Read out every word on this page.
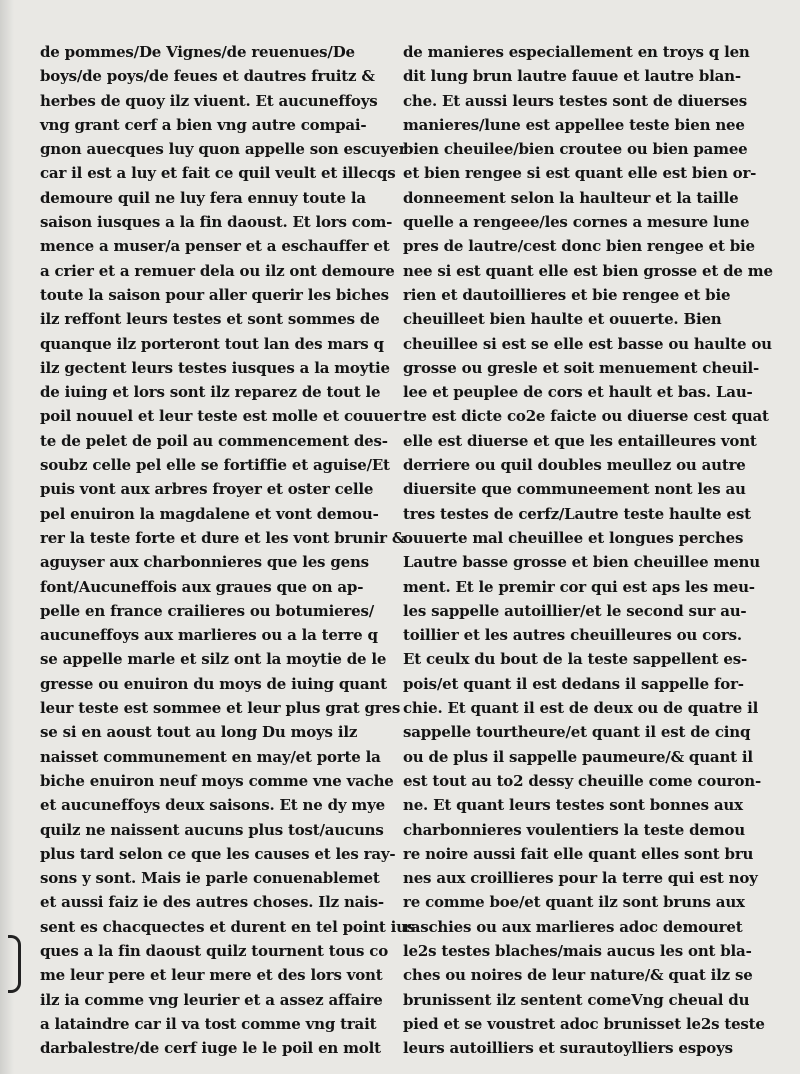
de pommes/De Vignes/de reuenues/De
boys/de poys/de feues et dautres fruitz &
herbes de quoy ilz viuent. Et aucuneffoys
vng grant cerf a bien vng autre compai-
gnon auecques luy quon appelle son escuyer
car il est a luy et fait ce quil veult et illecqs
demoure quil ne luy fera ennuy toute la
saison iusques a la fin daoust. Et lors com-
mence a muser/a penser et a eschauffer et
a crier et a remuer dela ou ilz ont demoure
toute la saison pour aller querir les biches
ilz reffont leurs testes et sont sommes de
quanque ilz porteront tout lan des mars q
ilz gectent leurs testes iusques a la moytie
de iuing et lors sont ilz reparez de tout le
poil nouuel et leur teste est molle et couuer
te de pelet de poil au commencement des-
soubz celle pel elle se fortiffie et aguise/Et
puis vont aux arbres froyer et oster celle
pel enuiron la magdalene et vont demou-
rer la teste forte et dure et les vont brunir &
aguyser aux charbonnieres que les gens
font/Aucuneffois aux graues que on ap-
pelle en france crailieres ou botumieres/
aucuneffoys aux marlieres ou a la terre q
se appelle marle et silz ont la moytie de le
gresse ou enuiron du moys de iuing quant
leur teste est sommee et leur plus grat gres
se si en aoust tout au long Du moys ilz
naisset communement en may/et porte la
biche enuiron neuf moys comme vne vache
et aucuneffoys deux saisons. Et ne dy mye
quilz ne naissent aucuns plus tost/aucuns
plus tard selon ce que les causes et les ray-
sons y sont. Mais ie parle conuenablemet
et aussi faiz ie des autres choses. Ilz nais-
sent es chacquectes et durent en tel point ius
ques a la fin daoust quilz tournent tous co
me leur pere et leur mere et des lors vont
ilz ia comme vng leurier et a assez affaire
a lataindre car il va tost comme vng trait
darbalestre/de cerf iuge le le poil en molt
de manieres especiallement en troys q len
dit lung brun lautre fauue et lautre blan-
che. Et aussi leurs testes sont de diuerses
manieres/lune est appellee teste bien nee
bien cheuilee/bien croutee ou bien pamee
et bien rengee si est quant elle est bien or-
donneement selon la haulteur et la taille
quelle a rengeee/les cornes a mesure lune
pres de lautre/cest donc bien rengee et bie
nee si est quant elle est bien grosse et de me
rien et dautoillieres et bie rengee et bie
cheuilleet bien haulte et ouuerte. Bien
cheuillee si est se elle est basse ou haulte ou
grosse ou gresle et soit menuement cheuil-
lee et peuplee de cors et hault et bas. Lau-
tre est dicte co2e faicte ou diuerse cest quat
elle est diuerse et que les entailleures vont
derriere ou quil doubles meullez ou autre
diuersite que communeement nont les au
tres testes de cerfz/Lautre teste haulte est
ouuerte mal cheuillee et longues perches
Lautre basse grosse et bien cheuillee menu
ment. Et le premir cor qui est aps les meu-
les sappelle autoillier/et le second sur au-
toillier et les autres cheuilleures ou cors.
Et ceulx du bout de la teste sappellent es-
pois/et quant il est dedans il sappelle for-
chie. Et quant il est de deux ou de quatre il
sappelle tourtheure/et quant il est de cinq
ou de plus il sappelle paumeure/& quant il
est tout au to2 dessy cheuille come couron-
ne. Et quant leurs testes sont bonnes aux
charbonnieres voulentiers la teste demou
re noire aussi fait elle quant elles sont bru
nes aux croillieres pour la terre qui est noy
re comme boe/et quant ilz sont bruns aux
raschies ou aux marlieres adoc demouret
le2s testes blaches/mais aucus les ont bla-
ches ou noires de leur nature/& quat ilz se
brunissent ilz sentent comeVng cheual du
pied et se voustret adoc brunisset le2s teste
leurs autoilliers et surautoylliers espoys
